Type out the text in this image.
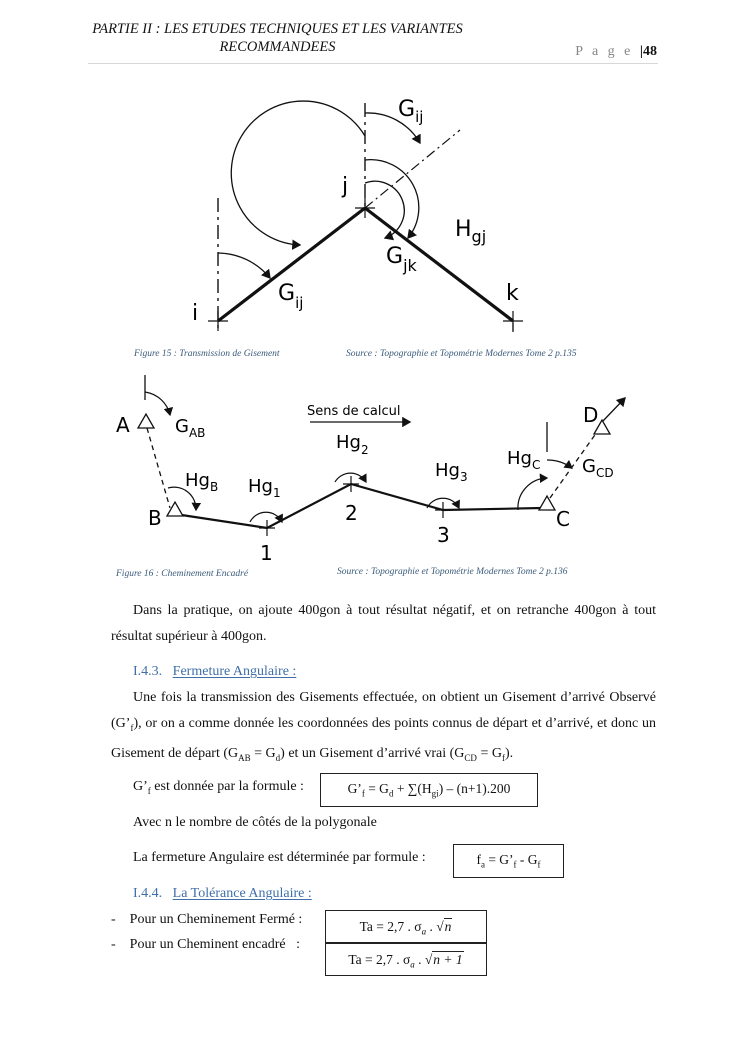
PARTIE II : LES ETUDES TECHNIQUES ET LES VARIANTES
RECOMMANDEES	P a g e |48
$G_{ij}$
j
$H_{gj}$
$G_{jk}$
k
i
$G_{ij}$
Figure 15 : Transmission de Gisement	Source : Topographie et Topométrie Modernes Tome 2 p.135
Sens de calcul
A	$G_{AB}$
B
$Hg_B$ $Hg_1$
$Hg_2$
$Hg_3$
$Hg_C$ $G_{CD}$
C
D
1
2
3
Figure 16 : Cheminement Encadré	Source : Topographie et Topométrie Modernes Tome 2 p.136
Dans la pratique, on ajoute 400gon à tout résultat négatif, et on retranche 400gon à tout résultat supérieur à 400gon.
I.4.3. Fermeture Angulaire :
Une fois la transmission des Gisements effectuée, on obtient un Gisement d’arrivé Observé $(G’_f)$, or on a comme donnée les coordonnées des points connus de départ et d’arrivé, et donc un Gisement de départ $(G_{AB} = G_d)$ et un Gisement d’arrivé vrai $(G_{CD} = G_f)$.
$G’_f$ est donnée par la formule :	$G’_f = G_d + \sum(H_{gi}) - (n+1).200$
Avec n le nombre de côtés de la polygonale
La fermeture Angulaire est déterminée par formule :	$f_a$ = $G’_f - G_f$
I.4.4. La Tolérance Angulaire :
- Pour un Cheminement Fermé :
- Pour un Cheminent encadré   :
Ta = 2,7 . $\sigma_a$ . √n
Ta = 2,7 . $\sigma_a$ . √n + 1
